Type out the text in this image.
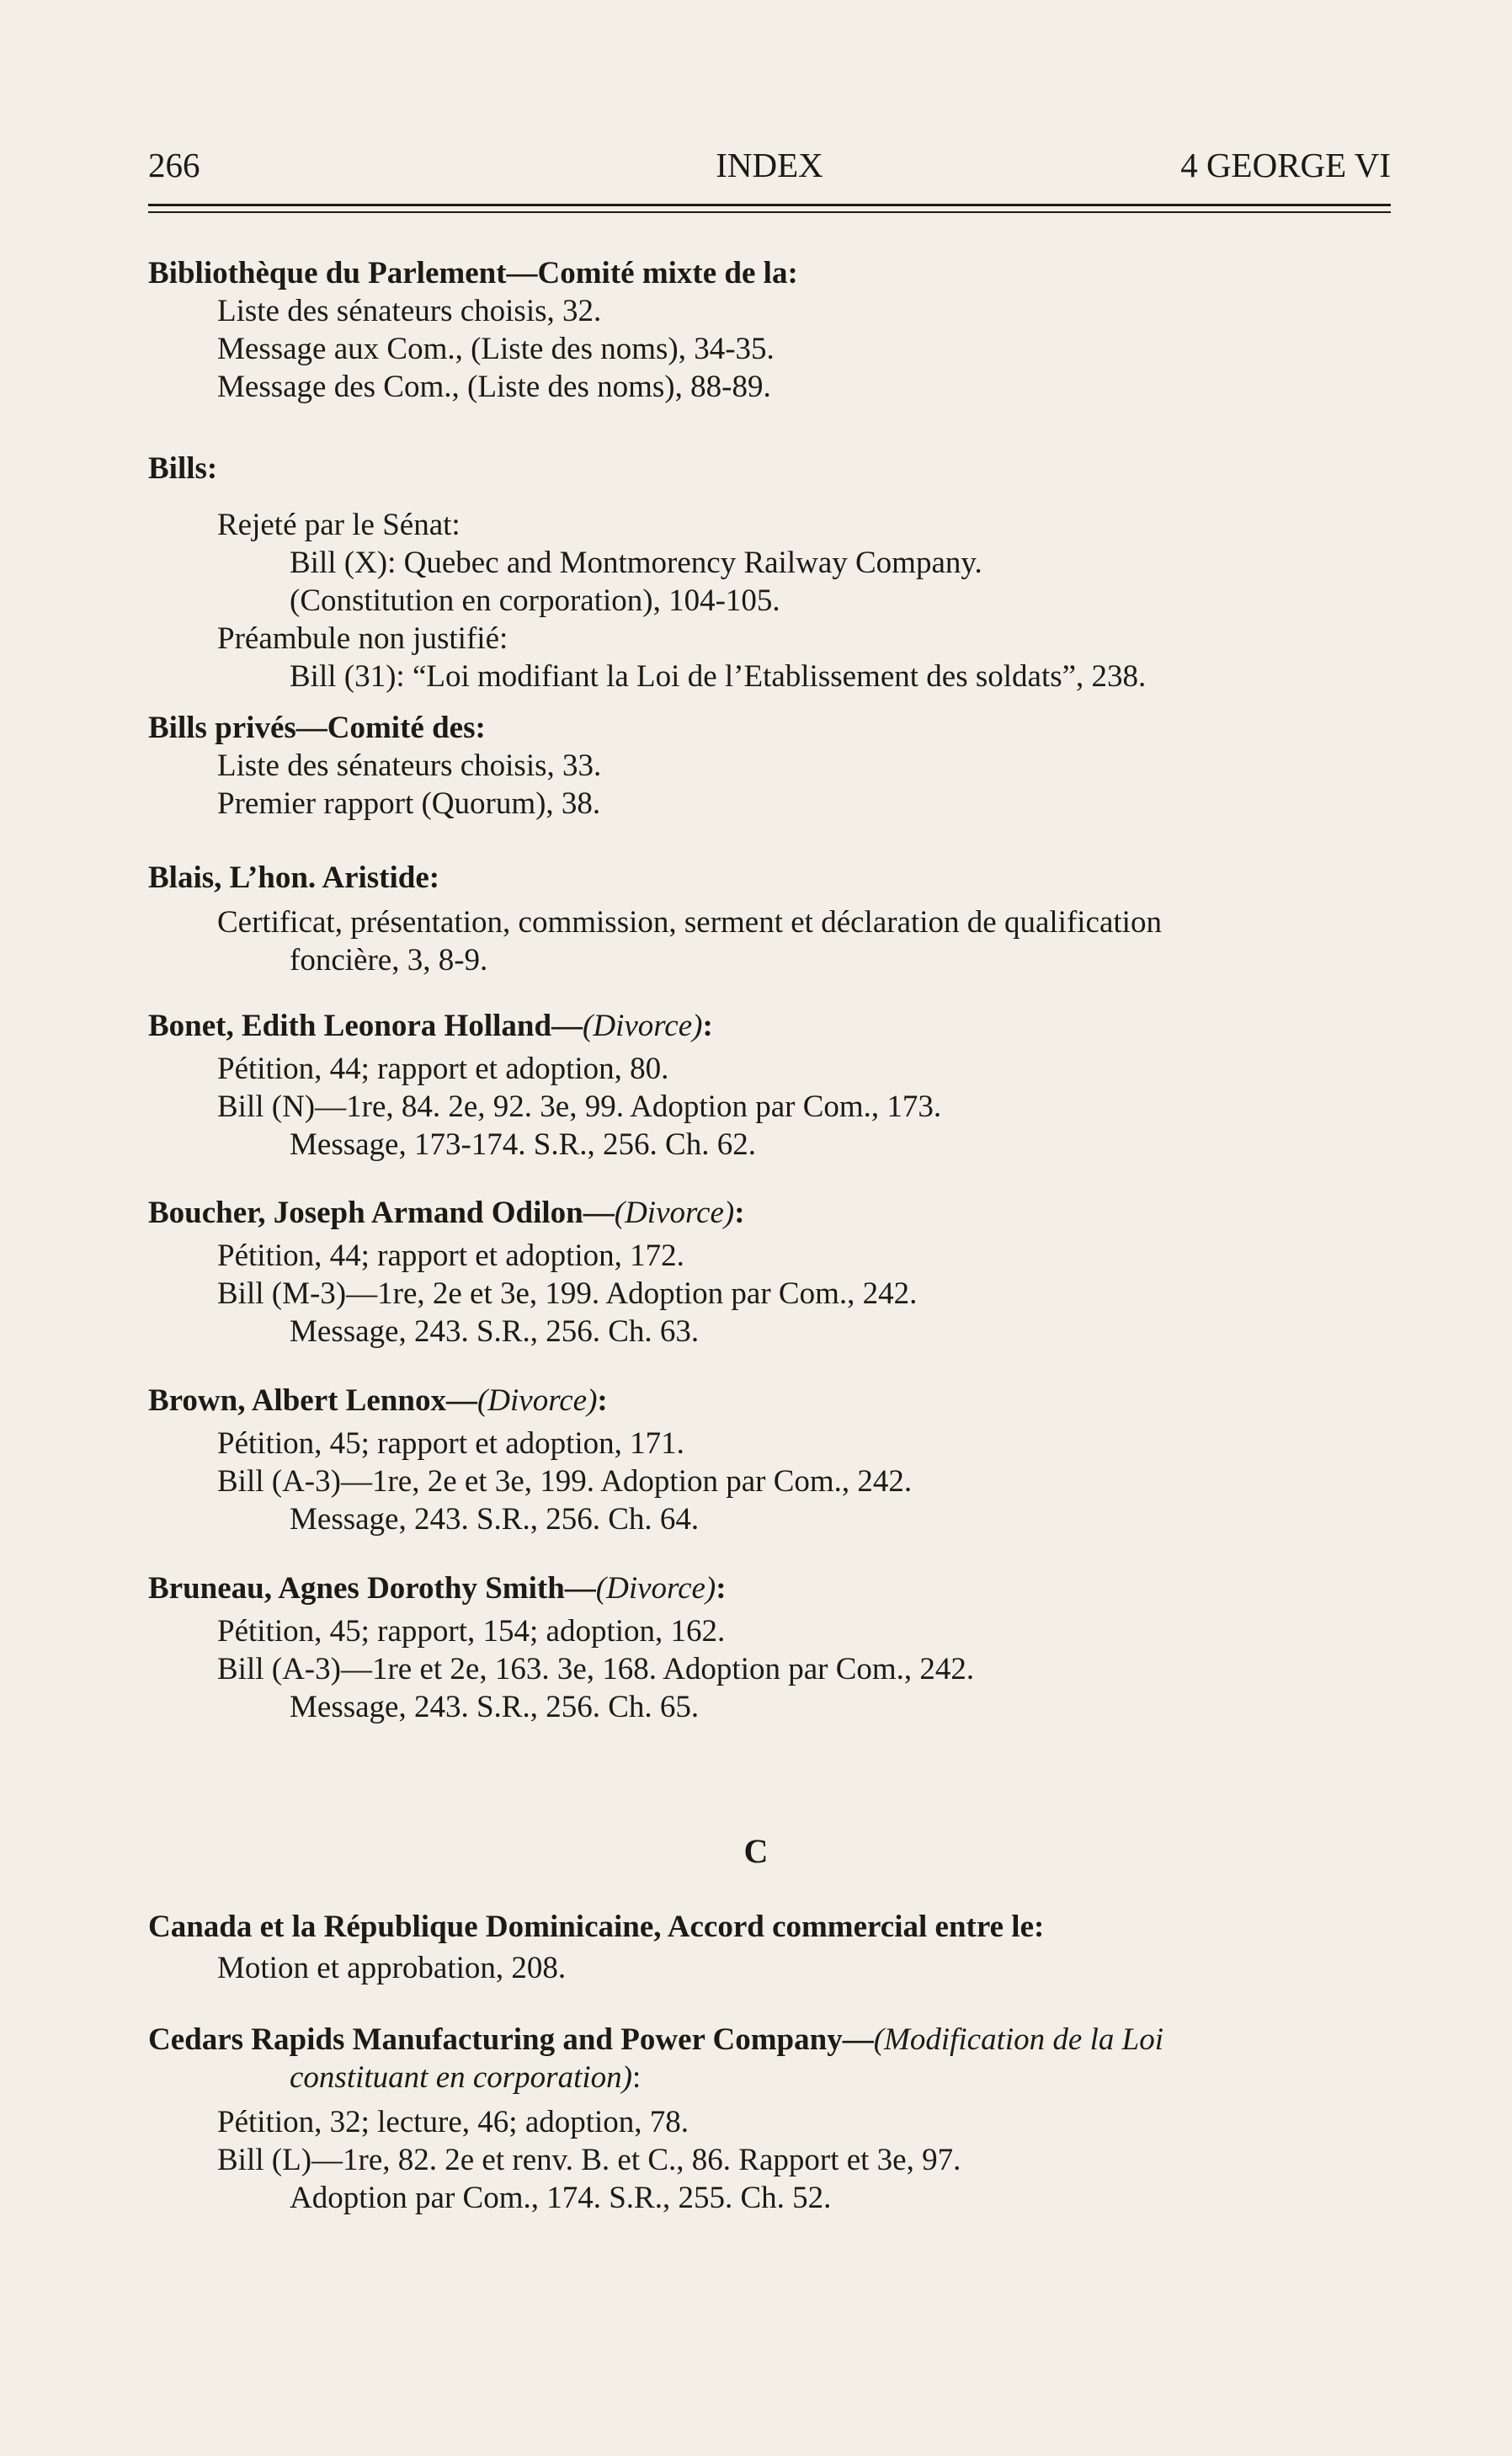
266	INDEX	4 GEORGE VI
Bibliothèque du Parlement—Comité mixte de la:
Liste des sénateurs choisis, 32.
Message aux Com., (Liste des noms), 34-35.
Message des Com., (Liste des noms), 88-89.
Bills:
Rejeté par le Sénat:
Bill (X): Quebec and Montmorency Railway Company.
(Constitution en corporation), 104-105.
Préambule non justifié:
Bill (31): “Loi modifiant la Loi de l’Etablissement des soldats”, 238.
Bills privés—Comité des:
Liste des sénateurs choisis, 33.
Premier rapport (Quorum), 38.
Blais, L’hon. Aristide:
Certificat, présentation, commission, serment et déclaration de qualification
foncière, 3, 8-9.
Bonet, Edith Leonora Holland—(Divorce):
Pétition, 44; rapport et adoption, 80.
Bill (N)—1re, 84. 2e, 92. 3e, 99. Adoption par Com., 173.
Message, 173-174. S.R., 256. Ch. 62.
Boucher, Joseph Armand Odilon—(Divorce):
Pétition, 44; rapport et adoption, 172.
Bill (M-3)—1re, 2e et 3e, 199. Adoption par Com., 242.
Message, 243. S.R., 256. Ch. 63.
Brown, Albert Lennox—(Divorce):
Pétition, 45; rapport et adoption, 171.
Bill (A-3)—1re, 2e et 3e, 199. Adoption par Com., 242.
Message, 243. S.R., 256. Ch. 64.
Bruneau, Agnes Dorothy Smith—(Divorce):
Pétition, 45; rapport, 154; adoption, 162.
Bill (A-3)—1re et 2e, 163. 3e, 168. Adoption par Com., 242.
Message, 243. S.R., 256. Ch. 65.
C
Canada et la République Dominicaine, Accord commercial entre le:
Motion et approbation, 208.
Cedars Rapids Manufacturing and Power Company—(Modification de la Loi
constituant en corporation):
Pétition, 32; lecture, 46; adoption, 78.
Bill (L)—1re, 82. 2e et renv. B. et C., 86. Rapport et 3e, 97.
Adoption par Com., 174. S.R., 255. Ch. 52.
